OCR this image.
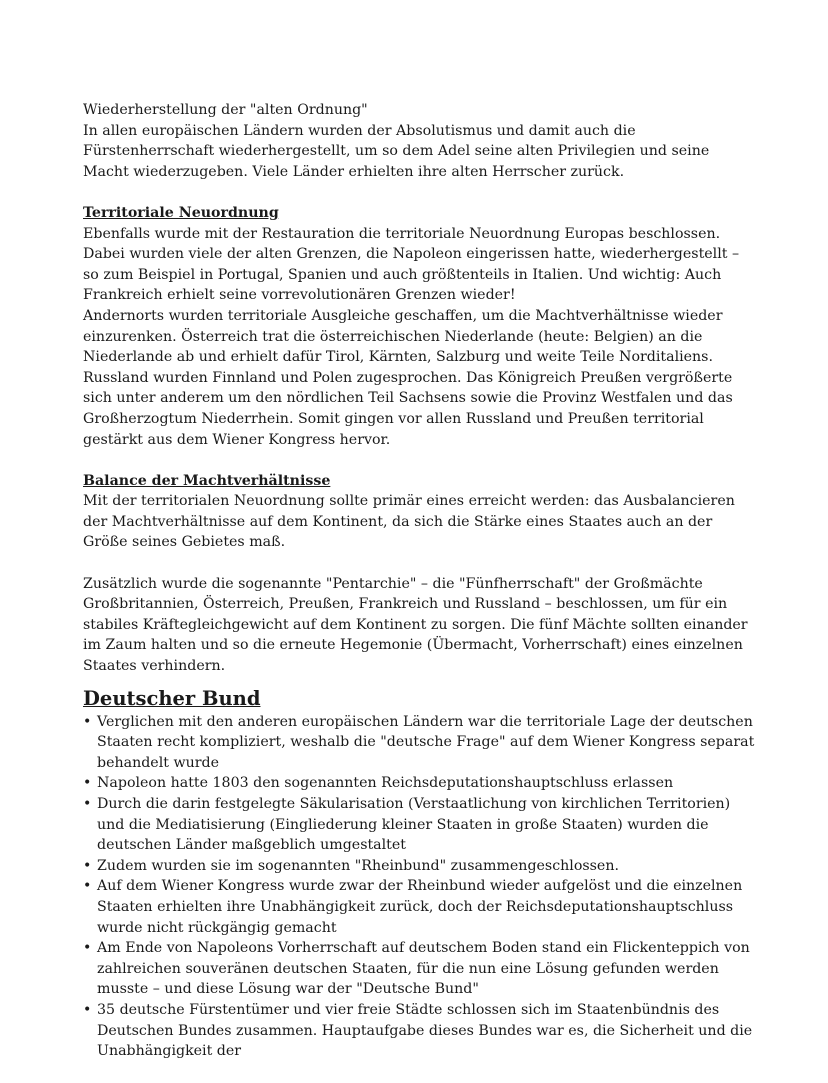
Wiederherstellung der "alten Ordnung"

In allen europäischen Ländern wurden der Absolutismus und damit auch die Fürstenherrschaft wiederhergestellt, um so dem Adel seine alten Privilegien und seine Macht wiederzugeben. Viele Länder erhielten ihre alten Herrscher zurück.

Territoriale Neuordnung

Ebenfalls wurde mit der Restauration die territoriale Neuordnung Europas beschlossen. Dabei wurden viele der alten Grenzen, die Napoleon eingerissen hatte, wiederhergestellt – so zum Beispiel in Portugal, Spanien und auch größtenteils in Italien. Und wichtig: Auch Frankreich erhielt seine vorrevolutionären Grenzen wieder!

Andernorts wurden territoriale Ausgleiche geschaffen, um die Machtverhältnisse wieder einzurenken. Österreich trat die österreichischen Niederlande (heute: Belgien) an die Niederlande ab und erhielt dafür Tirol, Kärnten, Salzburg und weite Teile Norditaliens. Russland wurden Finnland und Polen zugesprochen. Das Königreich Preußen vergrößerte sich unter anderem um den nördlichen Teil Sachsens sowie die Provinz Westfalen und das Großherzogtum Niederrhein. Somit gingen vor allen Russland und Preußen territorial gestärkt aus dem Wiener Kongress hervor.

Balance der Machtverhältnisse

Mit der territorialen Neuordnung sollte primär eines erreicht werden: das Ausbalancieren der Machtverhältnisse auf dem Kontinent, da sich die Stärke eines Staates auch an der Größe seines Gebietes maß.

Zusätzlich wurde die sogenannte "Pentarchie" – die "Fünfherrschaft" der Großmächte Großbritannien, Österreich, Preußen, Frankreich und Russland – beschlossen, um für ein stabiles Kräftegleichgewicht auf dem Kontinent zu sorgen. Die fünf Mächte sollten einander im Zaum halten und so die erneute Hegemonie (Übermacht, Vorherrschaft) eines einzelnen Staates verhindern.

Deutscher Bund
• Verglichen mit den anderen europäischen Ländern war die territoriale Lage der deutschen Staaten recht kompliziert, weshalb die "deutsche Frage" auf dem Wiener Kongress separat behandelt wurde
• Napoleon hatte 1803 den sogenannten Reichsdeputationshauptschluss erlassen
• Durch die darin festgelegte Säkularisation (Verstaatlichung von kirchlichen Territorien) und die Mediatisierung (Eingliederung kleiner Staaten in große Staaten) wurden die deutschen Länder maßgeblich umgestaltet
• Zudem wurden sie im sogenannten "Rheinbund" zusammengeschlossen.
• Auf dem Wiener Kongress wurde zwar der Rheinbund wieder aufgelöst und die einzelnen Staaten erhielten ihre Unabhängigkeit zurück, doch der Reichsdeputationshauptschluss wurde nicht rückgängig gemacht
• Am Ende von Napoleons Vorherrschaft auf deutschem Boden stand ein Flickenteppich von zahlreichen souveränen deutschen Staaten, für die nun eine Lösung gefunden werden musste – und diese Lösung war der "Deutsche Bund"
• 35 deutsche Fürstentümer und vier freie Städte schlossen sich im Staatenbündnis des Deutschen Bundes zusammen. Hauptaufgabe dieses Bundes war es, die Sicherheit und die Unabhängigkeit der
